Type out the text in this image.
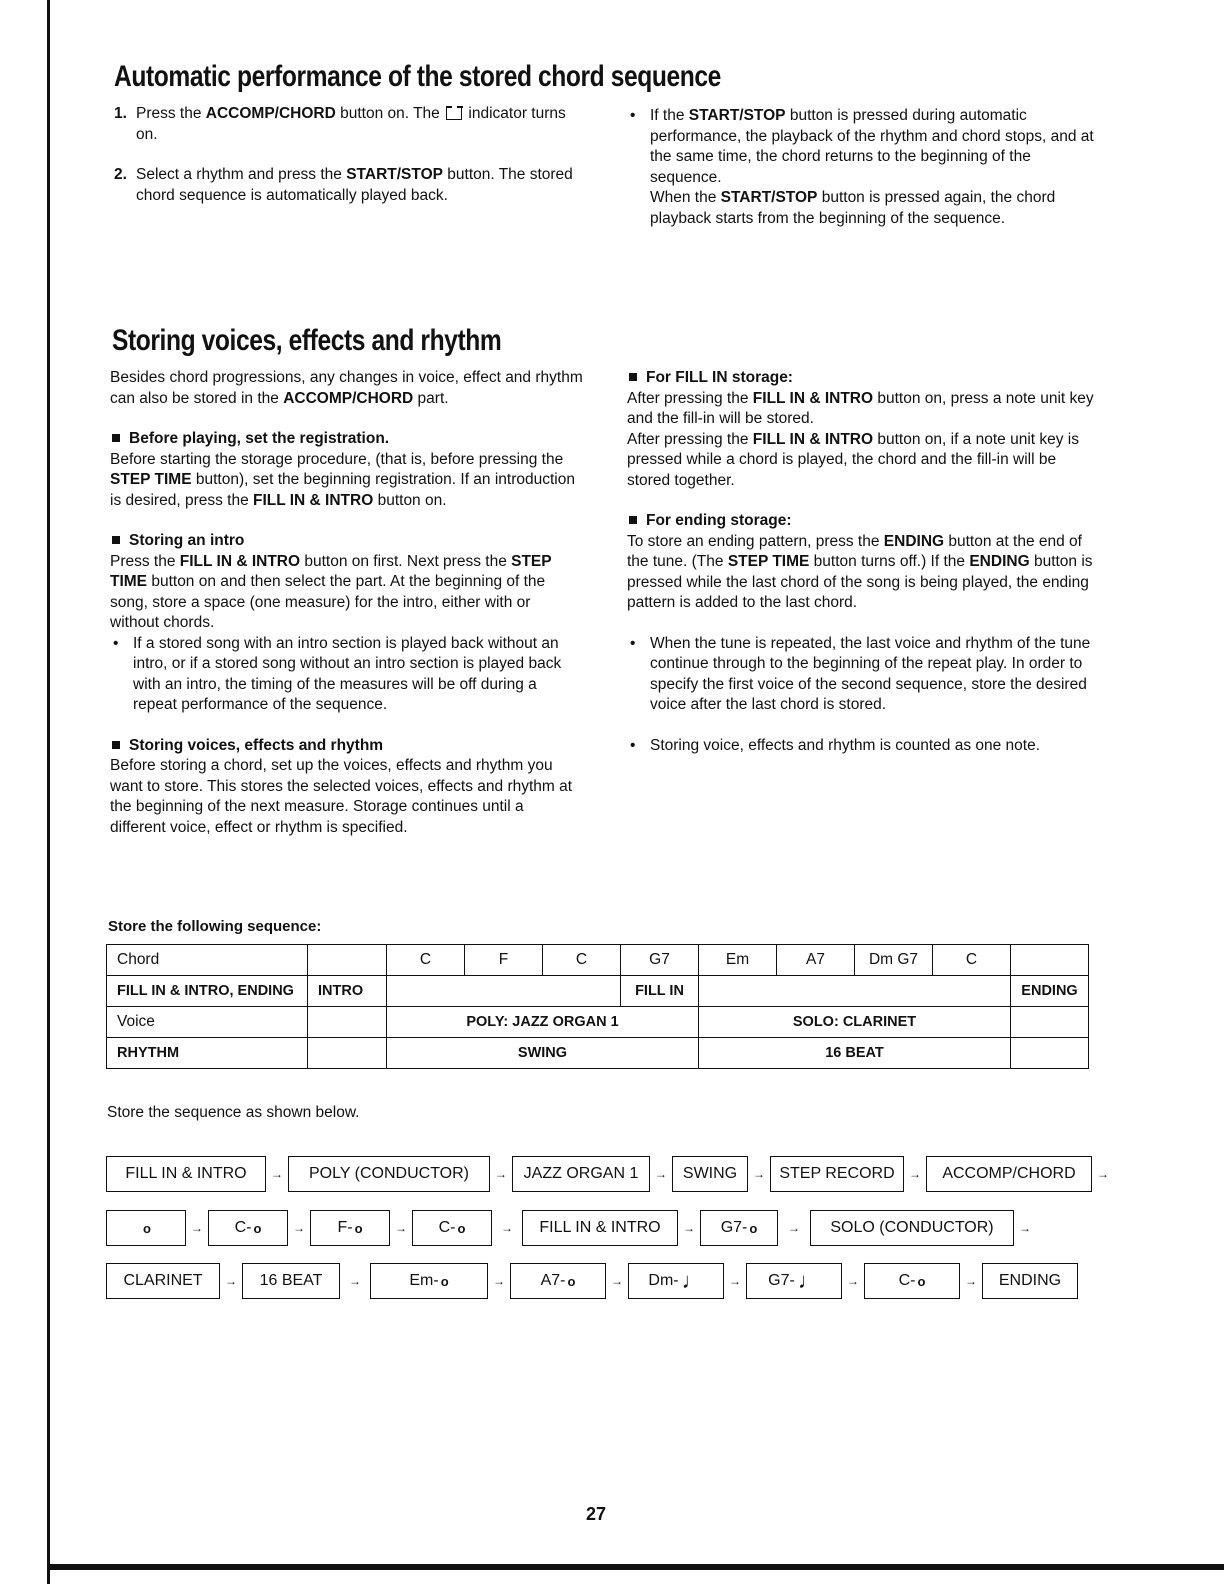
Automatic performance of the stored chord sequence
1. Press the ACCOMP/CHORD button on. The  indicator turns on.

2. Select a rhythm and press the START/STOP button. The stored chord sequence is automatically played back.

• If the START/STOP button is pressed during automatic performance, the playback of the rhythm and chord stops, and at the same time, the chord returns to the beginning of the sequence.

When the START/STOP button is pressed again, the chord playback starts from the beginning of the sequence.

Storing voices, effects and rhythm

Besides chord progressions, any changes in voice, effect and rhythm can also be stored in the ACCOMP/CHORD part.

Before playing, set the registration.

Before starting the storage procedure, (that is, before pressing the STEP TIME button), set the beginning registration. If an introduction is desired, press the FILL IN & INTRO button on.

Storing an intro

Press the FILL IN & INTRO button on first. Next press the STEP TIME button on and then select the part. At the beginning of the song, store a space (one measure) for the intro, either with or without chords.

• If a stored song with an intro section is played back without an intro, or if a stored song without an intro section is played back with an intro, the timing of the measures will be off during a repeat performance of the sequence.

Storing voices, effects and rhythm

Before storing a chord, set up the voices, effects and rhythm you want to store. This stores the selected voices, effects and rhythm at the beginning of the next measure. Storage continues until a different voice, effect or rhythm is specified.

For FILL IN storage:

After pressing the FILL IN & INTRO button on, press a note unit key and the fill-in will be stored.

After pressing the FILL IN & INTRO button on, if a note unit key is pressed while a chord is played, the chord and the fill-in will be stored together.

For ending storage:

To store an ending pattern, press the ENDING button at the end of the tune. (The STEP TIME button turns off.) If the ENDING button is pressed while the last chord of the song is being played, the ending pattern is added to the last chord.

• When the tune is repeated, the last voice and rhythm of the tune continue through to the beginning of the repeat play. In order to specify the first voice of the second sequence, store the desired voice after the last chord is stored.

• Storing voice, effects and rhythm is counted as one note.

Store the following sequence:
Chord		C	F	C	G7	Em	A7	Dm G7	C	
FILL IN & INTRO, ENDING	INTRO				FILL IN					ENDING
Voice		POLY: JAZZ ORGAN 1				SOLO: CLARINET				
RHYTHM		SWING				16 BEAT				
Store the sequence as shown below.
FILL IN & INTRO	→	POLY (CONDUCTOR)	→	JAZZ ORGAN 1	→ SWING	→ STEP RECORD	→	ACCOMP/CHORD	→
o	→	C- o	→	F- o	→	C- o	→	FILL IN & INTRO	→	G7- o	→	SOLO (CONDUCTOR)	→
CLARINET	→	16 BEAT	→	Em- o	→	A7- o	→	Dm- ♩	→	G7- ♩	→	C- o	→	ENDING
27
